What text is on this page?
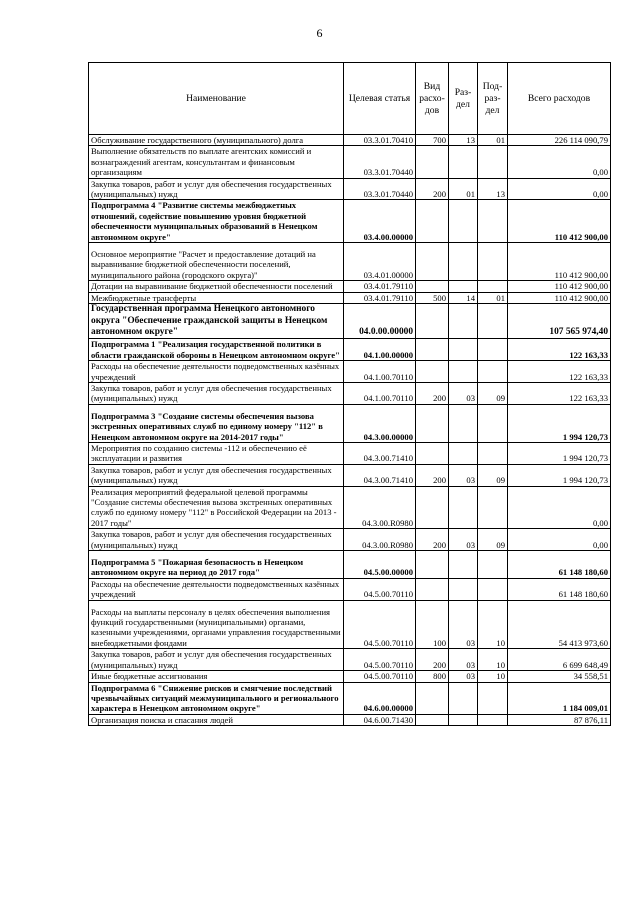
6
Наименование	Целевая статья	Вид расхо-дов	Раз-дел	Под-раз-дел	Всего расходов
Обслуживание государственного (муниципального) долга	03.3.01.70410	700	13	01	226 114 090,79
Выполнение обязательств по выплате агентских комиссий и вознаграждений агентам, консультантам и финансовым организациям	03.3.01.70440				0,00
Закупка товаров, работ и услуг для обеспечения государственных (муниципальных) нужд	03.3.01.70440	200	01	13	0,00
Подпрограмма 4 "Развитие системы межбюджетных отношений, содействие повышению уровня бюджетной обеспеченности муниципальных образований в Ненецком автономном округе"	03.4.00.00000				110 412 900,00
Основное мероприятие "Расчет и предоставление дотаций на выравнивание бюджетной обеспеченности поселений, муниципального района (городского округа)"	03.4.01.00000				110 412 900,00
Дотации на выравнивание бюджетной обеспеченности поселений	03.4.01.79110				110 412 900,00
Межбюджетные трансферты	03.4.01.79110	500	14	01	110 412 900,00
Государственная программа Ненецкого автономного округа "Обеспечение гражданской защиты в Ненецком автономном округе"	04.0.00.00000				107 565 974,40
Подпрограмма 1 "Реализация государственной политики в области гражданской обороны в Ненецком автономном округе"	04.1.00.00000				122 163,33
Расходы на обеспечение деятельности подведомственных казённых учреждений	04.1.00.70110				122 163,33
Закупка товаров, работ и услуг для обеспечения государственных (муниципальных) нужд	04.1.00.70110	200	03	09	122 163,33
Подпрограмма 3 "Создание системы обеспечения вызова экстренных оперативных служб по единому номеру "112" в Ненецком автономном округе на 2014-2017 годы"	04.3.00.00000				1 994 120,73
Мероприятия по созданию системы -112 и обеспечению её эксплуатации и развития	04.3.00.71410				1 994 120,73
Закупка товаров, работ и услуг для обеспечения государственных (муниципальных) нужд	04.3.00.71410	200	03	09	1 994 120,73
Реализация мероприятий федеральной целевой программы "Создание системы обеспечения вызова экстренных оперативных служб по единому номеру "112" в Российской Федерации на 2013 - 2017 годы"	04.3.00.R0980				0,00
Закупка товаров, работ и услуг для обеспечения государственных (муниципальных) нужд	04.3.00.R0980	200	03	09	0,00
Подпрограмма 5 "Пожарная безопасность в Ненецком автономном округе на период до 2017 года"	04.5.00.00000				61 148 180,60
Расходы на обеспечение деятельности подведомственных казённых учреждений	04.5.00.70110				61 148 180,60
Расходы на выплаты персоналу в целях обеспечения выполнения функций государственными (муниципальными) органами, казенными учреждениями, органами управления государственными внебюджетными фондами	04.5.00.70110	100	03	10	54 413 973,60
Закупка товаров, работ и услуг для обеспечения государственных (муниципальных) нужд	04.5.00.70110	200	03	10	6 699 648,49
Иные бюджетные ассигнования	04.5.00.70110	800	03	10	34 558,51
Подпрограмма 6 "Снижение рисков и смягчение последствий чрезвычайных ситуаций межмуниципального и регионального характера в Ненецком автономном округе"	04.6.00.00000				1 184 009,01
Организация поиска и спасания людей	04.6.00.71430				87 876,11
